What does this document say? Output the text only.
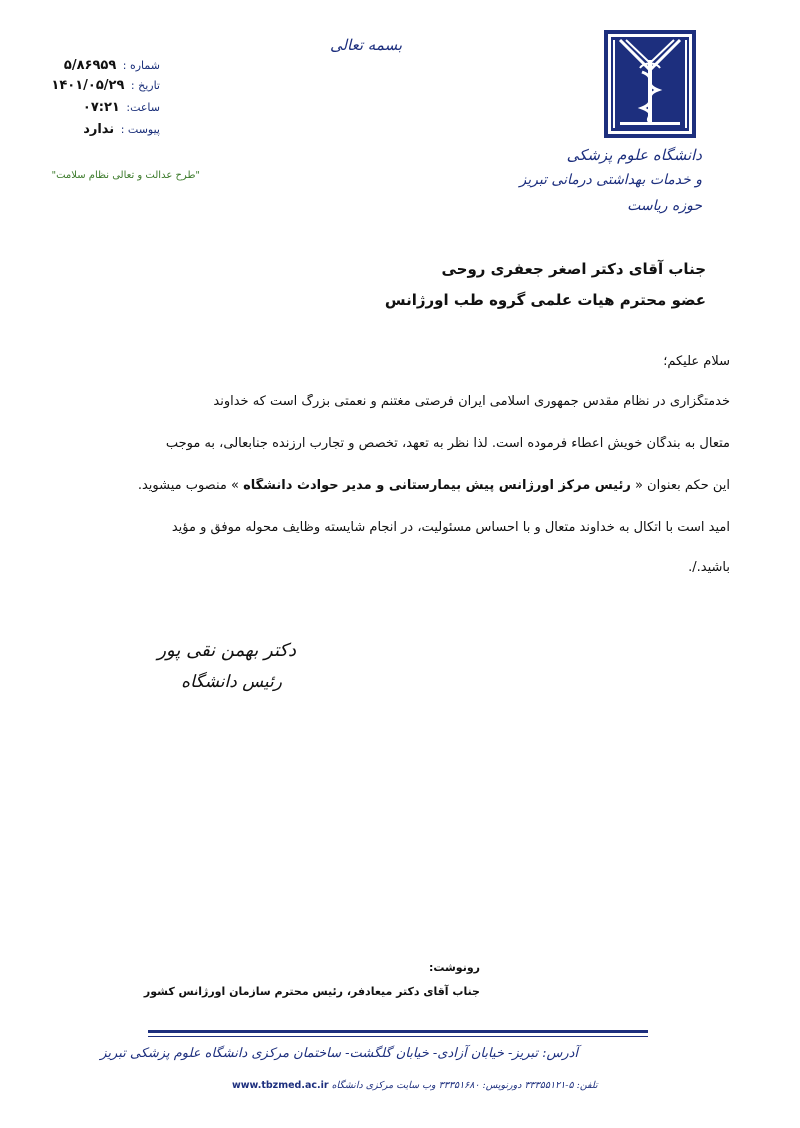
بسمه تعالی
شماره : ۵/۸۶۹۵۹
تاریخ : ۱۴۰۱/۰۵/۲۹
ساعت: ۰۷:۲۱
پیوست : ندارد
"طرح عدالت و تعالی نظام سلامت"
دانشگاه علوم پزشکی
و خدمات بهداشتی درمانی تبریز
حوزه ریاست
جناب آقای دکتر اصغر جعفری روحی
عضو محترم هیات علمی گروه طب اورژانس
سلام علیکم؛
خدمتگزاری در نظام مقدس جمهوری اسلامی ایران فرصتی مغتنم و نعمتی بزرگ است که خداوند
متعال به بندگان خویش اعطاء فرموده است. لذا نظر به تعهد، تخصص و تجارب ارزنده جنابعالی، به موجب
این حکم بعنوان « رئیس مرکز اورژانس پیش بیمارستانی و مدیر حوادث دانشگاه » منصوب میشوید.
امید است با اتکال به خداوند متعال و با احساس مسئولیت، در انجام شایسته وظایف محوله موفق و مؤید
باشید./.
دکتر بهمن نقی پور
رئیس دانشگاه
رونوشت:
جناب آقای دکتر میعادفر، رئیس محترم سازمان اورژانس کشور
آدرس: تبریز- خیابان آزادی- خیابان گلگشت- ساختمان مرکزی دانشگاه علوم پزشکی تبریز
www.tbzmed.ac.ir تلفن: ۵-۳۳۳۵۵۱۲۱ دورنویس: ۳۳۳۵۱۶۸۰ وب سایت مرکزی دانشگاه
